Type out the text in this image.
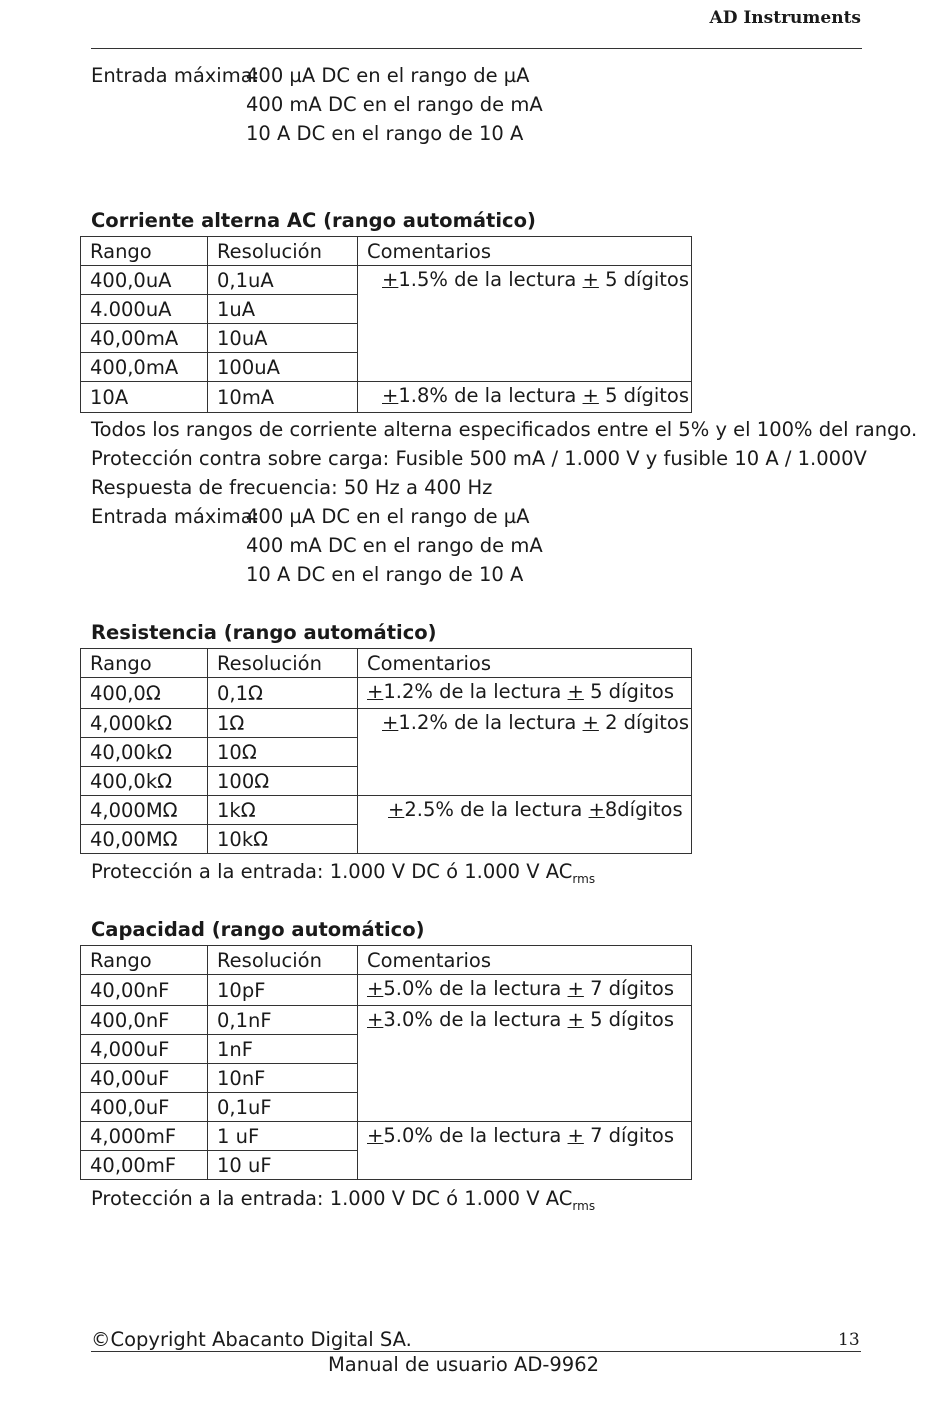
AD Instruments
Entrada máxima:
400 µA DC en el rango de µA
400 mA DC en el rango de mA
10 A DC en el rango de 10 A
Corriente alterna AC (rango automático)
Rango	Resolución	Comentarios
400,0uA	0,1uA	+1.5% de la lectura + 5 dígitos
4.000uA	1uA	
40,00mA	10uA	
400,0mA	100uA	
10A	10mA	+1.8% de la lectura + 5 dígitos
Todos los rangos de corriente alterna especificados entre el 5% y el 100% del rango.
Protección contra sobre carga: Fusible 500 mA / 1.000 V y fusible 10 A / 1.000V
Respuesta de frecuencia: 50 Hz a 400 Hz
Entrada máxima:
400 µA DC en el rango de µA
400 mA DC en el rango de mA
10 A DC en el rango de 10 A
Resistencia (rango automático)
Rango	Resolución	Comentarios
400,0Ω	0,1Ω	+1.2% de la lectura + 5 dígitos
4,000kΩ	1Ω	+1.2% de la lectura + 2 dígitos
40,00kΩ	10Ω	
400,0kΩ	100Ω	
4,000MΩ	1kΩ	+2.5% de la lectura +8dígitos
40,00MΩ	10kΩ	
Protección a la entrada: 1.000 V DC ó 1.000 V $AC_{rms}$
Capacidad (rango automático)
Rango	Resolución	Comentarios
40,00nF	10pF	+5.0% de la lectura + 7 dígitos
400,0nF	0,1nF	+3.0% de la lectura + 5 dígitos
4,000uF	1nF	
40,00uF	10nF	
400,0uF	0,1uF	
4,000mF	1 uF	+5.0% de la lectura + 7 dígitos
40,00mF	10 uF	
Protección a la entrada: 1.000 V DC ó 1.000 V $AC_{rms}$
©Copyright Abacanto Digital SA.	13
Manual de usuario AD-9962
